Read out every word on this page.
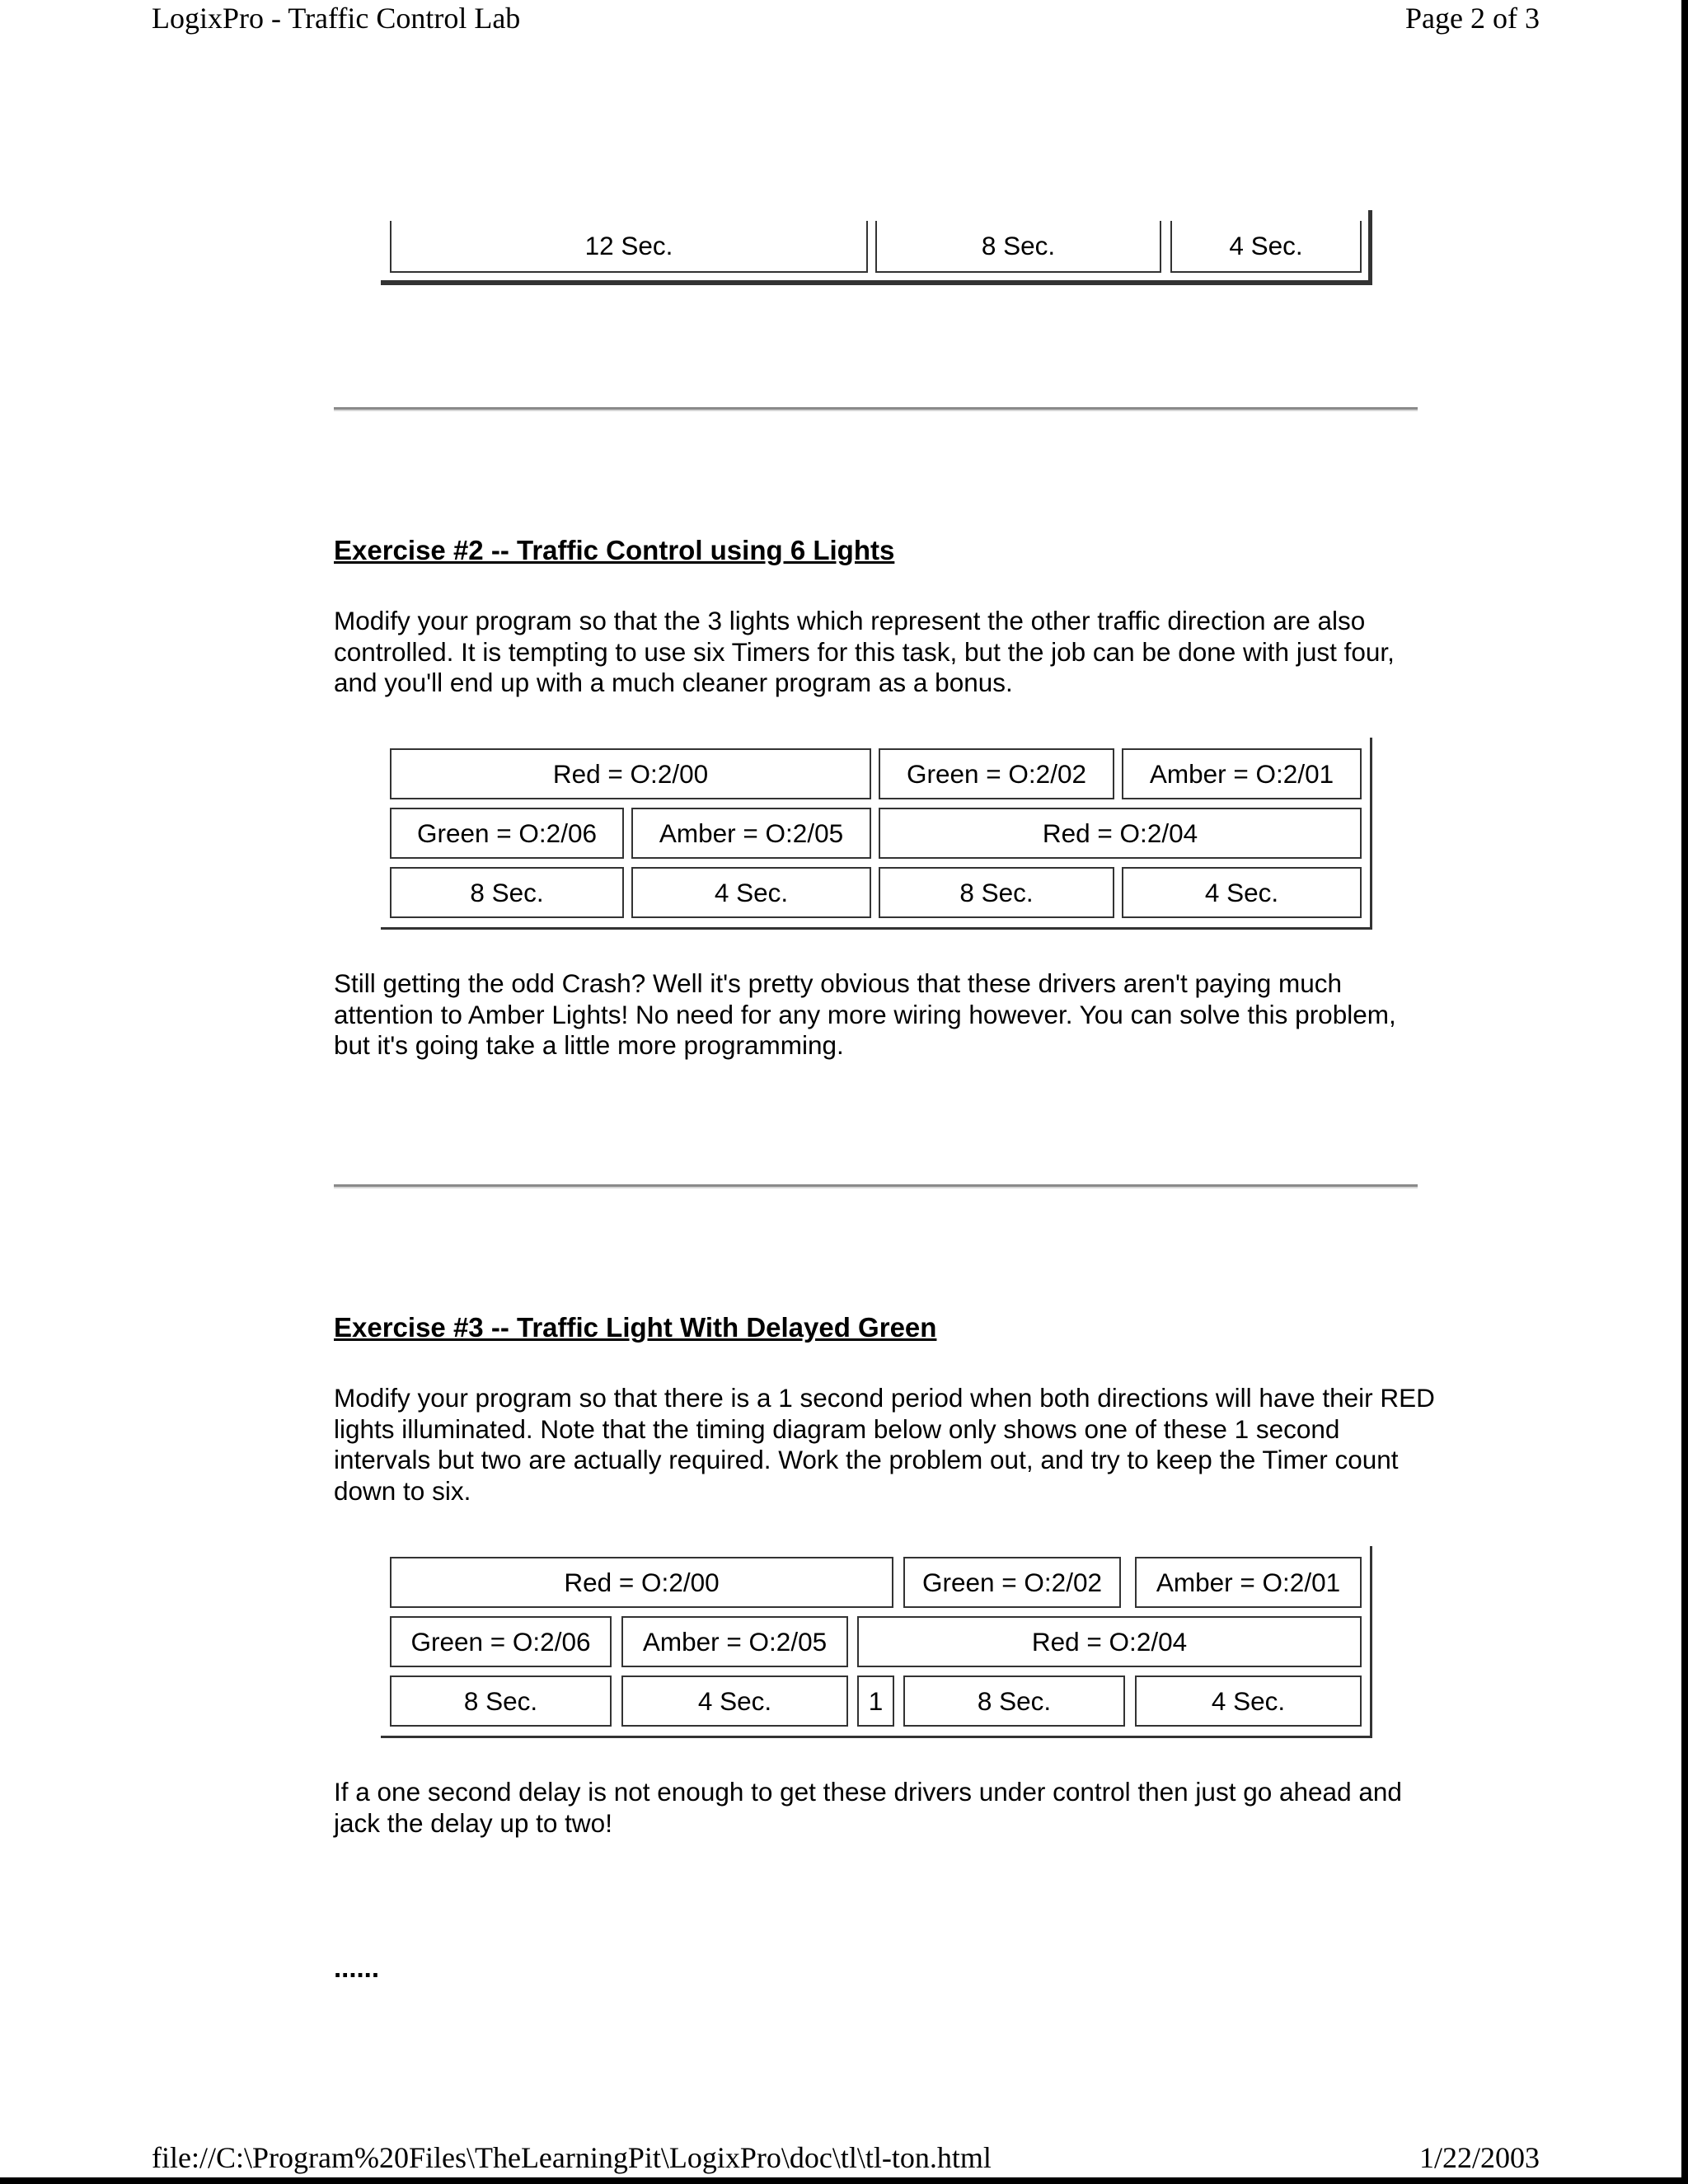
LogixPro - Traffic Control Lab	Page 2 of 3
12 Sec.	8 Sec.	4 Sec.
Exercise #2 -- Traffic Control using 6 Lights

Modify your program so that the 3 lights which represent the other traffic direction are also controlled. It is tempting to use six Timers for this task, but the job can be done with just four, and you'll end up with a much cleaner program as a bonus.

Red = O:2/00	Green = O:2/02	Amber = O:2/01
Green = O:2/06	Amber = O:2/05	Red = O:2/04
8 Sec.	4 Sec.	8 Sec.	4 Sec.

Still getting the odd Crash? Well it's pretty obvious that these drivers aren't paying much attention to Amber Lights! No need for any more wiring however. You can solve this problem, but it's going take a little more programming.

Exercise #3 -- Traffic Light With Delayed Green

Modify your program so that there is a 1 second period when both directions will have their RED lights illuminated. Note that the timing diagram below only shows one of these 1 second intervals but two are actually required. Work the problem out, and try to keep the Timer count down to six.

Red = O:2/00	Green = O:2/02	Amber = O:2/01
Green = O:2/06	Amber = O:2/05	Red = O:2/04
8 Sec.	4 Sec.	1	8 Sec.	4 Sec.

If a one second delay is not enough to get these drivers under control then just go ahead and jack the delay up to two!

......
file://C:\Program%20Files\TheLearningPit\LogixPro\doc\tl\tl-ton.html	1/22/2003
